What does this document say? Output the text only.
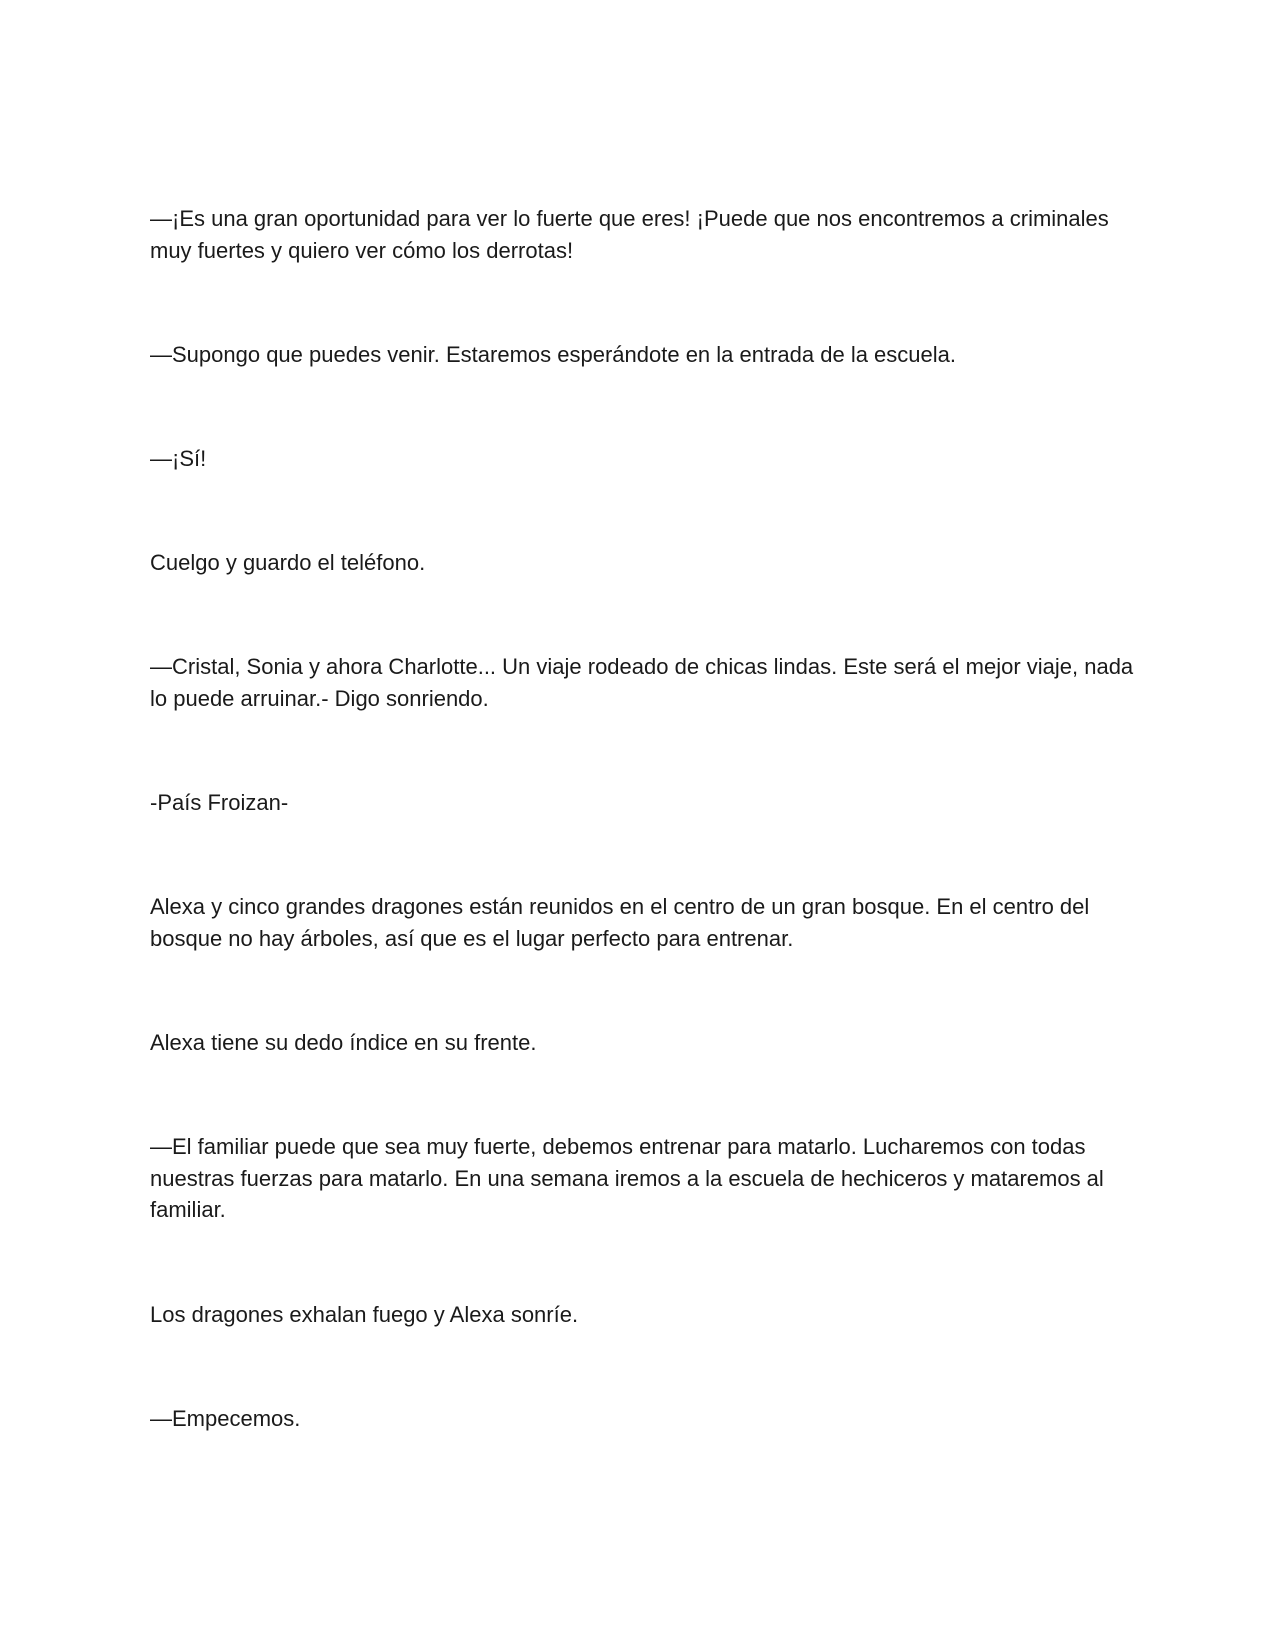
—¡Es una gran oportunidad para ver lo fuerte que eres! ¡Puede que nos encontremos a criminales muy fuertes y quiero ver cómo los derrotas!

—Supongo que puedes venir. Estaremos esperándote en la entrada de la escuela.

—¡Sí!

Cuelgo y guardo el teléfono.

—Cristal, Sonia y ahora Charlotte... Un viaje rodeado de chicas lindas. Este será el mejor viaje, nada lo puede arruinar.- Digo sonriendo.

-País Froizan-

Alexa y cinco grandes dragones están reunidos en el centro de un gran bosque. En el centro del bosque no hay árboles, así que es el lugar perfecto para entrenar.

Alexa tiene su dedo índice en su frente.

—El familiar puede que sea muy fuerte, debemos entrenar para matarlo. Lucharemos con todas nuestras fuerzas para matarlo. En una semana iremos a la escuela de hechiceros y mataremos al familiar.

Los dragones exhalan fuego y Alexa sonríe.

—Empecemos.
